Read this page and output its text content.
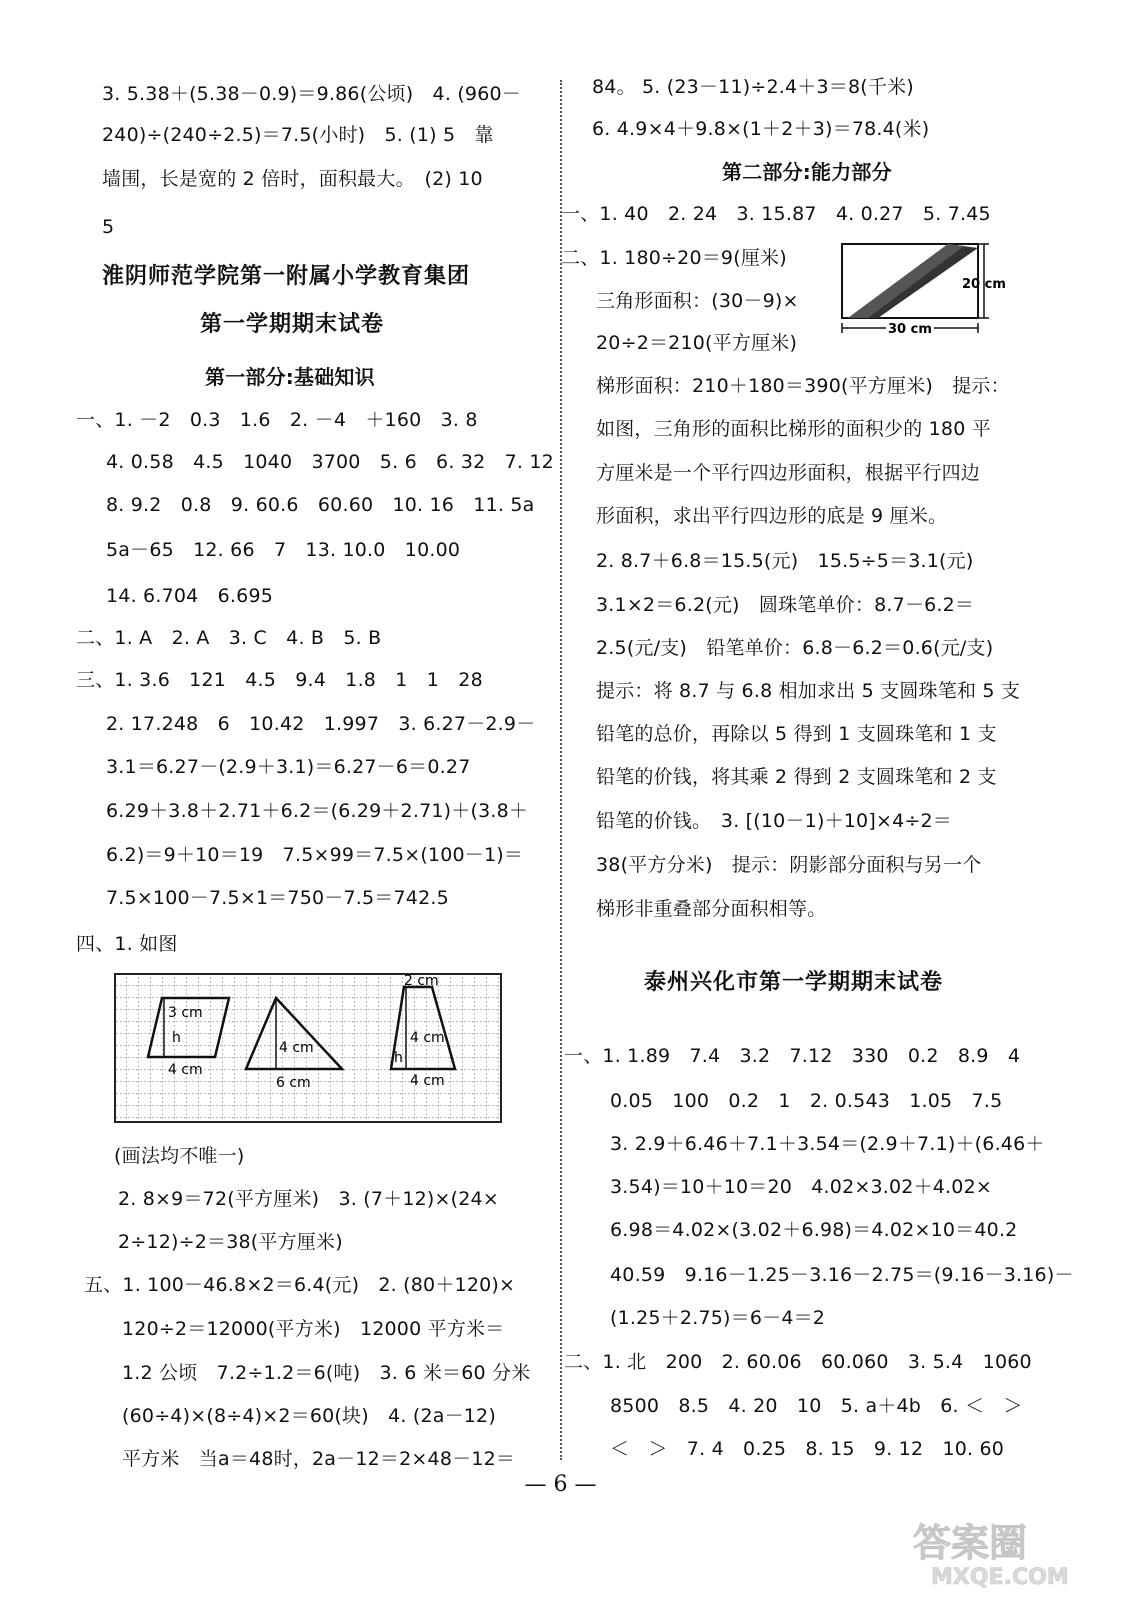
3. 5.38＋(5.38－0.9)＝9.86(公顷)　4. (960－
240)÷(240÷2.5)＝7.5(小时)　5. (1) 5　靠
墙围，长是宽的 2 倍时，面积最大。　(2) 10
5
淮阴师范学院第一附属小学教育集团
第一学期期末试卷
第一部分:基础知识
一、1. －2　0.3　1.6　2. －4　＋160　3. 8
4. 0.58　4.5　1040　3700　5. 6　6. 32　7. 12
8. 9.2　0.8　9. 60.6　60.60　10. 16　11. 5a
5a－65　12. 66　7　13. 10.0　10.00
14. 6.704　6.695
二、1. A　2. A　3. C　4. B　5. B
三、1. 3.6　121　4.5　9.4　1.8　1　1　28
2. 17.248　6　10.42　1.997　3. 6.27－2.9－
3.1＝6.27－(2.9＋3.1)＝6.27－6＝0.27
6.29＋3.8＋2.71＋6.2＝(6.29＋2.71)＋(3.8＋
6.2)＝9＋10＝19　7.5×99＝7.5×(100－1)＝
7.5×100－7.5×1＝750－7.5＝742.5
四、1. 如图
h
3 cm
4 cm
4 cm
6 cm
2 cm
4 cm
h
4 cm
(画法均不唯一)
2. 8×9＝72(平方厘米)　3. (7＋12)×(24×
2÷12)÷2＝38(平方厘米)
五、1. 100－46.8×2＝6.4(元)　2. (80＋120)×
120÷2＝12000(平方米)　12000 平方米＝
1.2 公顷　7.2÷1.2＝6(吨)　3. 6 米＝60 分米
(60÷4)×(8÷4)×2＝60(块)　4. (2a－12)
平方米　当a＝48时，2a－12＝2×48－12＝
84。 5. (23－11)÷2.4＋3＝8(千米)
6. 4.9×4＋9.8×(1＋2＋3)＝78.4(米)
第二部分:能力部分
一、1. 40　2. 24　3. 15.87　4. 0.27　5. 7.45
二、1. 180÷20＝9(厘米)
三角形面积：(30－9)×
20÷2＝210(平方厘米)
20 cm
30 cm
梯形面积：210＋180＝390(平方厘米)　提示：
如图，三角形的面积比梯形的面积少的 180 平
方厘米是一个平行四边形面积，根据平行四边
形面积，求出平行四边形的底是 9 厘米。
2. 8.7＋6.8＝15.5(元)　15.5÷5＝3.1(元)
3.1×2＝6.2(元)　圆珠笔单价：8.7－6.2＝
2.5(元/支)　铅笔单价：6.8－6.2＝0.6(元/支)
提示：将 8.7 与 6.8 相加求出 5 支圆珠笔和 5 支
铅笔的总价，再除以 5 得到 1 支圆珠笔和 1 支
铅笔的价钱，将其乘 2 得到 2 支圆珠笔和 2 支
铅笔的价钱。　3. [(10－1)＋10]×4÷2＝
38(平方分米)　提示：阴影部分面积与另一个
梯形非重叠部分面积相等。
泰州兴化市第一学期期末试卷
一、1. 1.89　7.4　3.2　7.12　330　0.2　8.9　4
0.05　100　0.2　1　2. 0.543　1.05　7.5
3. 2.9＋6.46＋7.1＋3.54＝(2.9＋7.1)＋(6.46＋
3.54)＝10＋10＝20　4.02×3.02＋4.02×
6.98＝4.02×(3.02＋6.98)＝4.02×10＝40.2
40.59　9.16－1.25－3.16－2.75＝(9.16－3.16)－
(1.25＋2.75)＝6－4＝2
二、1. 北　200　2. 60.06　60.060　3. 5.4　1060
8500　8.5　4. 20　10　5. a＋4b　6. ＜　＞
＜　＞　7. 4　0.25　8. 15　9. 12　10. 60
— 6 —
答案圈
MXQE.COM
